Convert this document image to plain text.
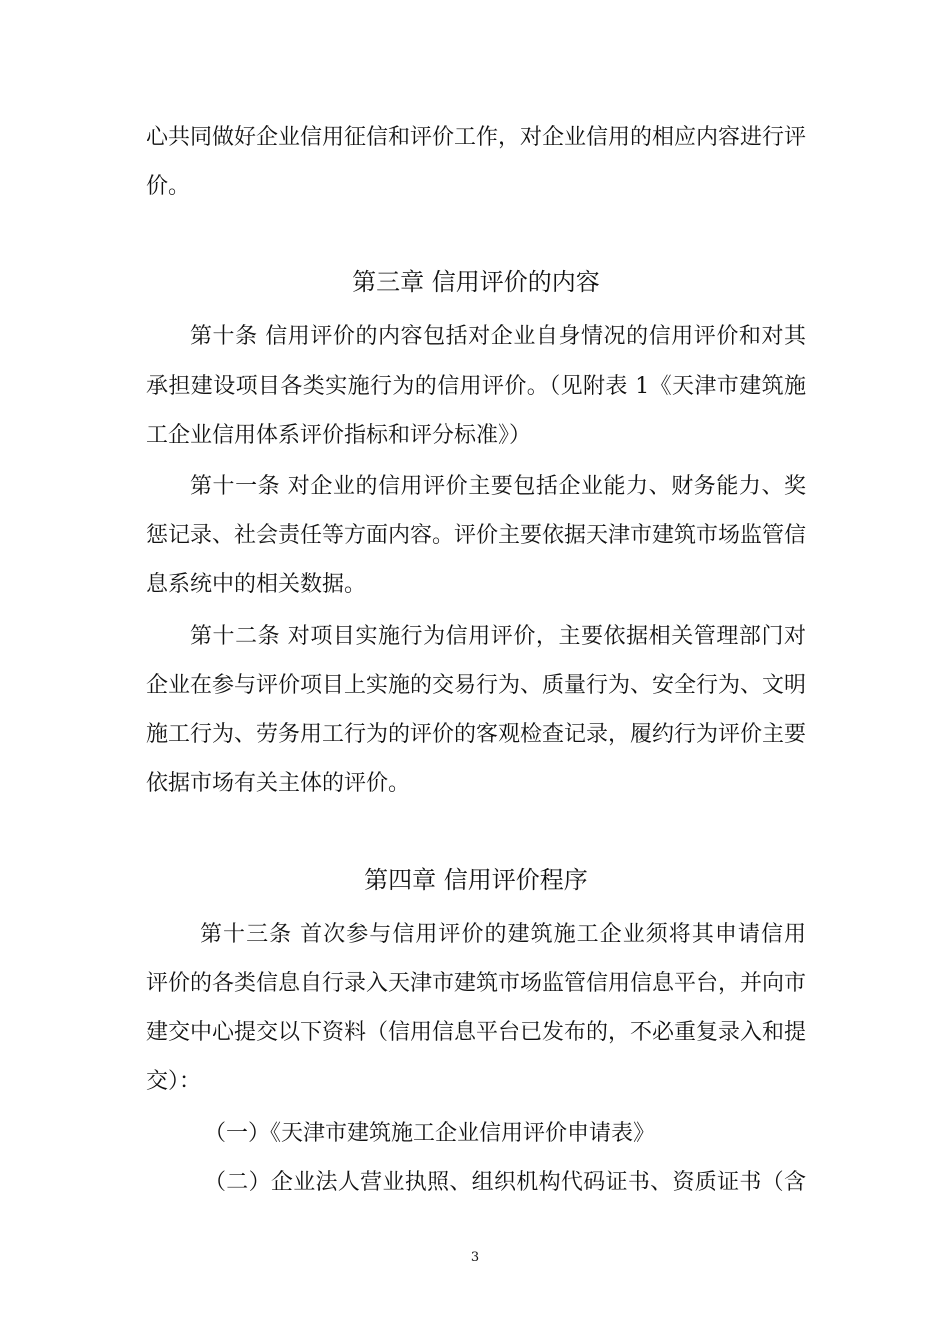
心共同做好企业信用征信和评价工作，对企业信用的相应内容进行评
价。
第三章 信用评价的内容
第十条 信用评价的内容包括对企业自身情况的信用评价和对其
承担建设项目各类实施行为的信用评价。（见附表 1《天津市建筑施
工企业信用体系评价指标和评分标准》）
第十一条 对企业的信用评价主要包括企业能力、财务能力、奖
惩记录、社会责任等方面内容。评价主要依据天津市建筑市场监管信
息系统中的相关数据。
第十二条 对项目实施行为信用评价，主要依据相关管理部门对
企业在参与评价项目上实施的交易行为、质量行为、安全行为、文明
施工行为、劳务用工行为的评价的客观检查记录，履约行为评价主要
依据市场有关主体的评价。
第四章 信用评价程序
第十三条 首次参与信用评价的建筑施工企业须将其申请信用
评价的各类信息自行录入天津市建筑市场监管信用信息平台，并向市
建交中心提交以下资料（信用信息平台已发布的，不必重复录入和提
交）：
（一）《天津市建筑施工企业信用评价申请表》
（二）企业法人营业执照、组织机构代码证书、资质证书（含
3
